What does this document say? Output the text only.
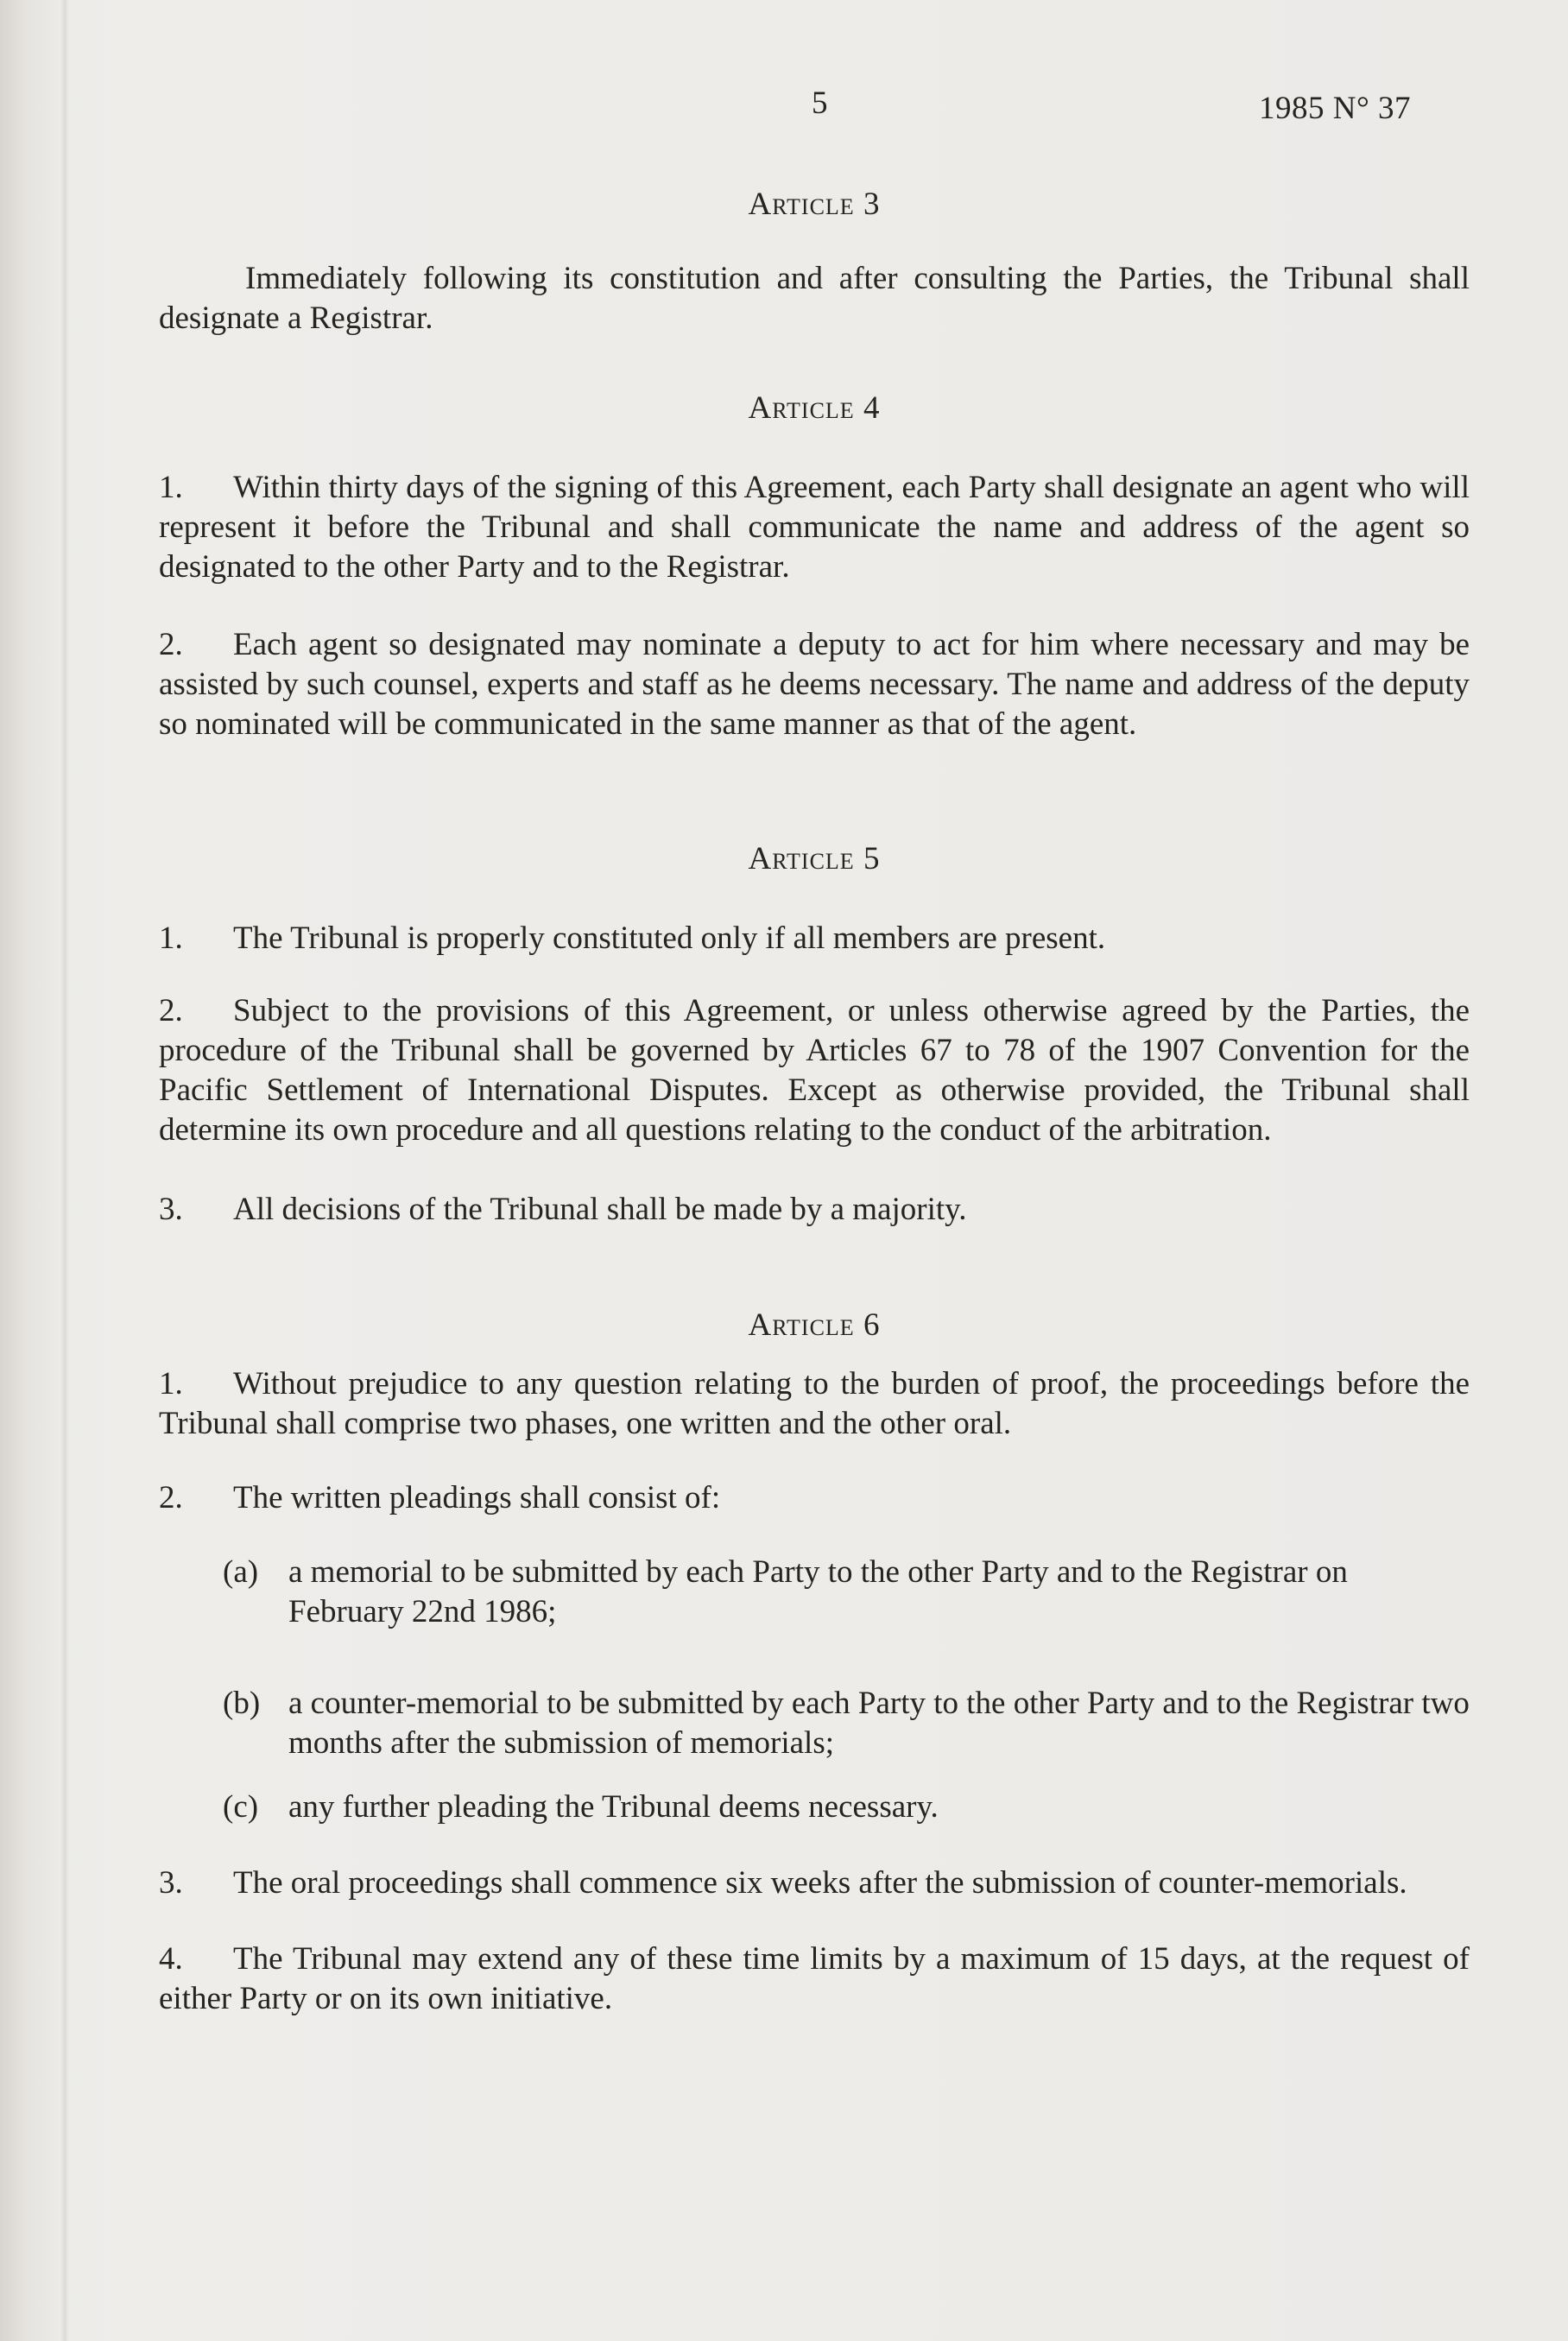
5	1985 N° 37
Article 3

Immediately following its constitution and after consulting the Parties, the Tribunal shall designate a Registrar.

Article 4

1. Within thirty days of the signing of this Agreement, each Party shall designate an agent who will represent it before the Tribunal and shall communicate the name and address of the agent so designated to the other Party and to the Registrar.

2. Each agent so designated may nominate a deputy to act for him where necessary and may be assisted by such counsel, experts and staff as he deems necessary. The name and address of the deputy so nominated will be communicated in the same manner as that of the agent.

Article 5

1. The Tribunal is properly constituted only if all members are present.

2. Subject to the provisions of this Agreement, or unless otherwise agreed by the Parties, the procedure of the Tribunal shall be governed by Articles 67 to 78 of the 1907 Convention for the Pacific Settlement of International Disputes. Except as otherwise provided, the Tribunal shall determine its own procedure and all questions relating to the conduct of the arbitration.

3. All decisions of the Tribunal shall be made by a majority.

Article 6

1. Without prejudice to any question relating to the burden of proof, the proceedings before the Tribunal shall comprise two phases, one written and the other oral.

2. The written pleadings shall consist of:

(a) a memorial to be submitted by each Party to the other Party and to the Registrar on February 22nd 1986;
(b) a counter-memorial to be submitted by each Party to the other Party and to the Registrar two months after the submission of memorials;
(c) any further pleading the Tribunal deems necessary.

3. The oral proceedings shall commence six weeks after the submission of counter-memorials.

4. The Tribunal may extend any of these time limits by a maximum of 15 days, at the request of either Party or on its own initiative.
